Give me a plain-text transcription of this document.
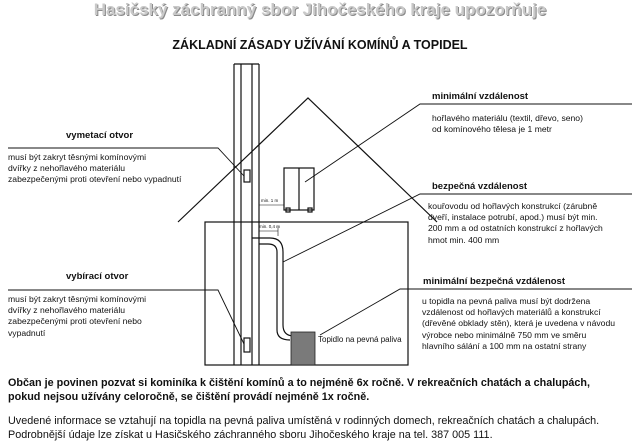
Hasičský záchranný sbor Jihočeského kraje upozorňuje
ZÁKLADNÍ ZÁSADY UŽÍVÁNÍ KOMÍNŮ A TOPIDEL
min. 1 m
min. 0,4 m
Topidlo na pevná paliva
vymetací otvor
musí být zakryt těsnými komínovými
dvířky z nehořlavého materiálu
zabezpečenými proti otevření nebo vypadnutí
vybírací otvor
musí být zakryt těsnými komínovými
dvířky z nehořlavého materiálu
zabezpečenými proti otevření nebo
vypadnutí
minimální vzdálenost
hořlavého materiálu (textil, dřevo, seno)
od komínového tělesa je 1 metr
bezpečná vzdálenost
kouřovodu od hořlavých konstrukcí (zárubně
dveří, instalace potrubí, apod.) musí být min.
200 mm a od ostatních konstrukcí z hořlavých
hmot min. 400 mm
minimální bezpečná vzdálenost
u topidla na pevná paliva musí být dodržena
vzdálenost od hořlavých materiálů a konstrukcí
(dřevěné obklady stěn), která je uvedena v návodu
výrobce nebo minimálně 750 mm ve směru
hlavního sálání a 100 mm na ostatní strany
Občan je povinen pozvat si kominíka k čištění komínů a to nejméně 6x ročně. V rekreačních chatách a chalupách,
pokud nejsou užívány celoročně, se čištění provádí nejméně 1x ročně.
Uvedené informace se vztahují na topidla na pevná paliva umístěná v rodinných domech, rekreačních chatách a chalupách.
Podrobnější údaje lze získat u Hasičského záchranného sboru Jihočeského kraje na tel. 387 005 111.
